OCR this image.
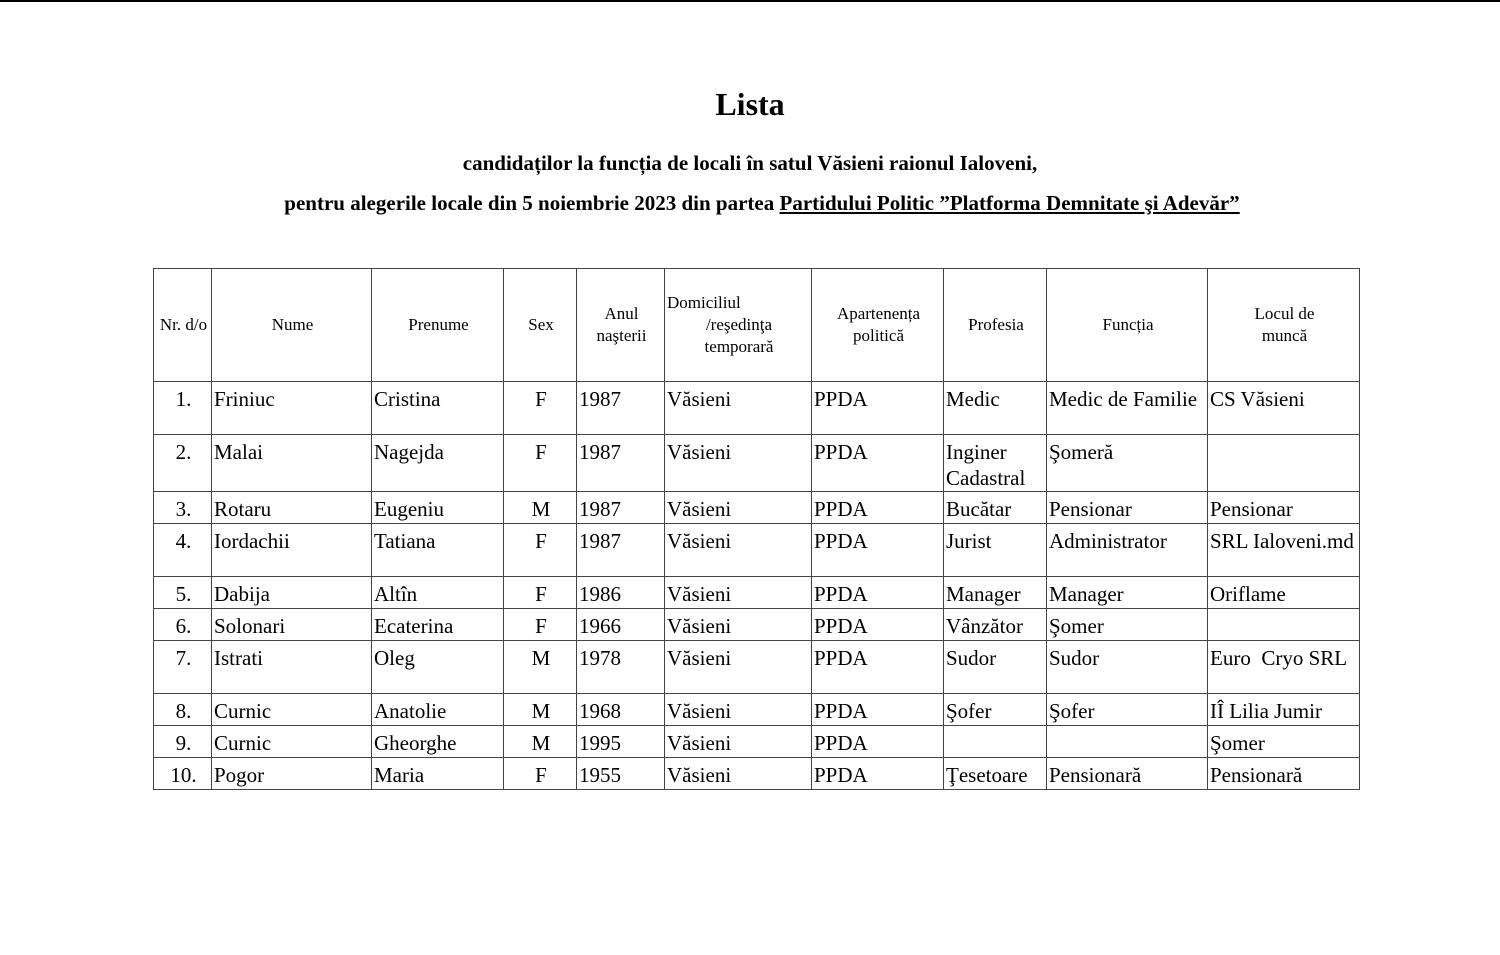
Lista
candidaților la funcția de locali în satul Văsieni raionul Ialoveni,
pentru alegerile locale din 5 noiembrie 2023 din partea Partidului Politic ”Platforma Demnitate şi Adevăr”
Nr. d/o	Nume	Prenume	Sex	Anul
naşterii	Domiciliul
/reşedinţa
temporară	Apartenența
politică	Profesia	Funcția	Locul de
muncă
1.	Friniuc	Cristina	F	1987	Văsieni	PPDA	Medic	Medic de Familie	CS Văsieni
2.	Malai	Nagejda	F	1987	Văsieni	PPDA	Inginer Cadastral	Şomeră	
3.	Rotaru	Eugeniu	M	1987	Văsieni	PPDA	Bucătar	Pensionar	Pensionar
4.	Iordachii	Tatiana	F	1987	Văsieni	PPDA	Jurist	Administrator	SRL Ialoveni.md
5.	Dabija	Altîn	F	1986	Văsieni	PPDA	Manager	Manager	Oriflame
6.	Solonari	Ecaterina	F	1966	Văsieni	PPDA	Vânzător	Şomer	
7.	Istrati	Oleg	M	1978	Văsieni	PPDA	Sudor	Sudor	Euro  Cryo SRL
8.	Curnic	Anatolie	M	1968	Văsieni	PPDA	Şofer	Şofer	IÎ Lilia Jumir
9.	Curnic	Gheorghe	M	1995	Văsieni	PPDA			Şomer
10.	Pogor	Maria	F	1955	Văsieni	PPDA	Ţesetoare	Pensionară	Pensionară
